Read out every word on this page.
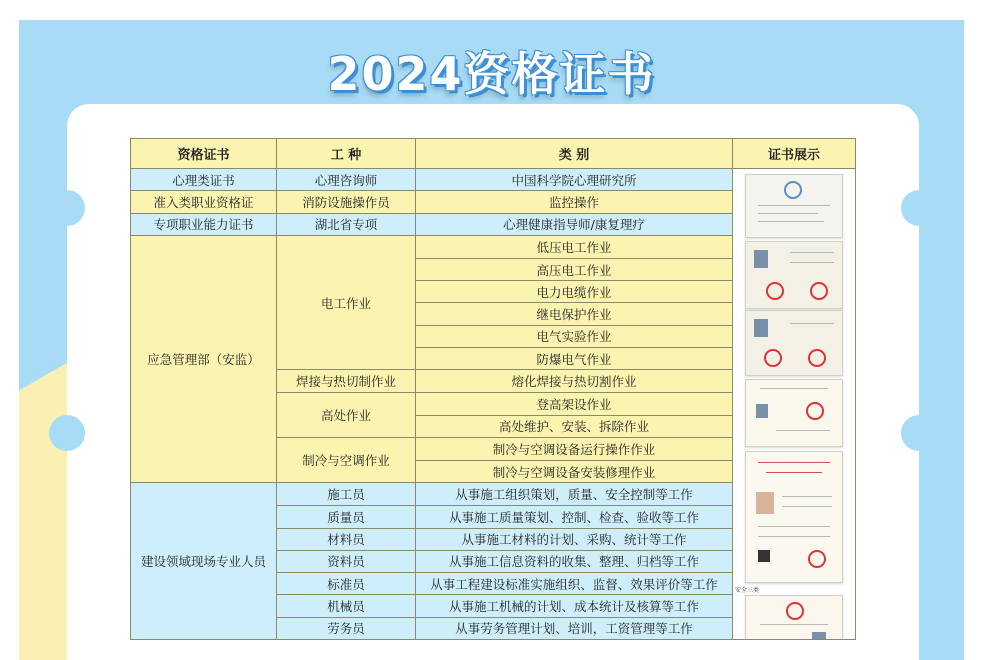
2024资格证书
资格证书	工 种	类 别	证书展示
心理类证书	心理咨询师	中国科学院心理研究所	安全三类

准入类职业资格证	消防设施操作员	监控操作	
专项职业能力证书	湖北省专项	心理健康指导师/康复理疗	
应急管理部（安监）	电工作业	低压电工作业	
		高压电工作业	
		电力电缆作业	
		继电保护作业	
		电气实验作业	
		防爆电气作业	
	焊接与热切制作业	熔化焊接与热切割作业	
	高处作业	登高架设作业	
		高处维护、安装、拆除作业	
	制冷与空调作业	制冷与空调设备运行操作作业	
		制冷与空调设备安装修理作业	
建设领域现场专业人员	施工员	从事施工组织策划，质量、安全控制等工作	
	质量员	从事施工质量策划、控制、检查、验收等工作	
	材料员	从事施工材料的计划、采购、统计等工作	
	资料员	从事施工信息资料的收集、整理、归档等工作	
	标准员	从事工程建设标准实施组织、监督、效果评价等工作	
	机械员	从事施工机械的计划、成本统计及核算等工作	
	劳务员	从事劳务管理计划、培训，工资管理等工作	
